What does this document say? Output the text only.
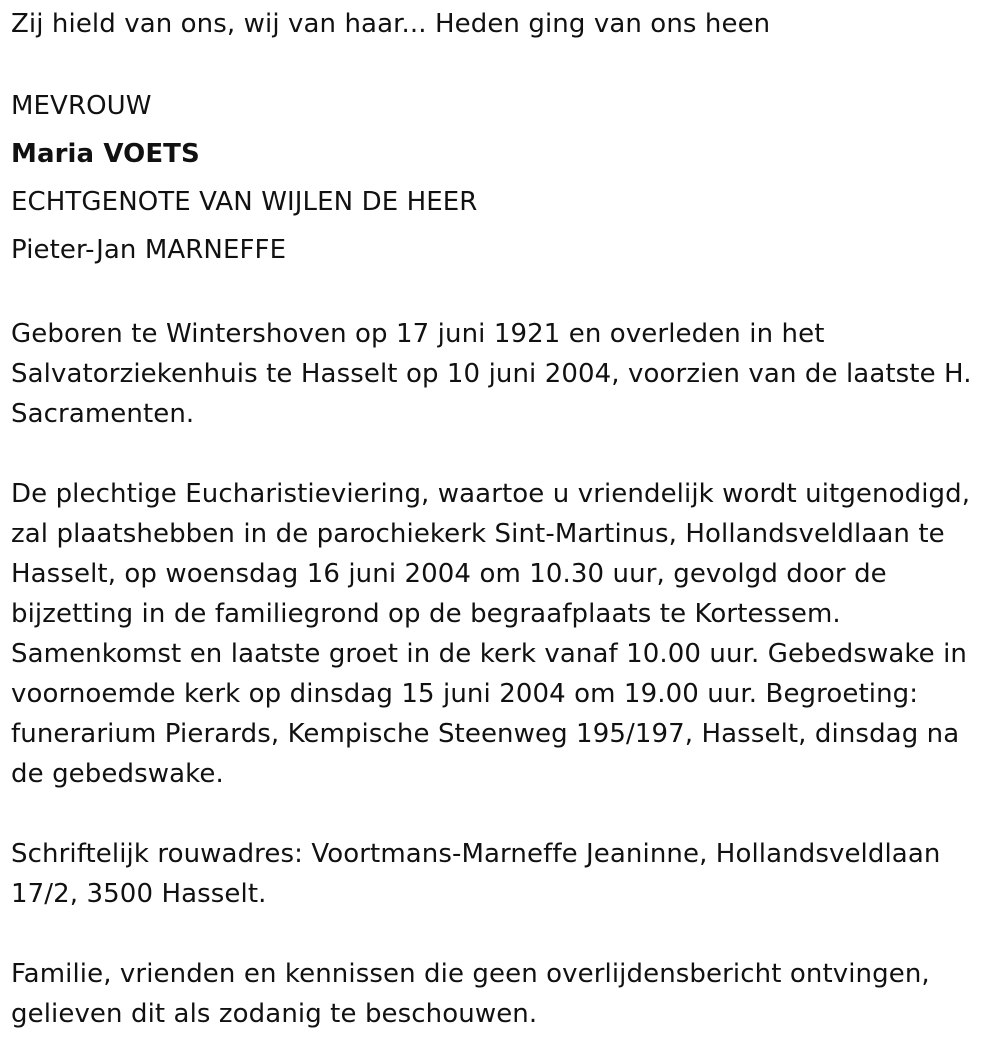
Zij hield van ons, wij van haar... Heden ging van ons heen
MEVROUW
Maria VOETS
ECHTGENOTE VAN WIJLEN DE HEER
Pieter-Jan MARNEFFE
Geboren te Wintershoven op 17 juni 1921 en overleden in het
Salvatorziekenhuis te Hasselt op 10 juni 2004, voorzien van de laatste H.
Sacramenten.
De plechtige Eucharistieviering, waartoe u vriendelijk wordt uitgenodigd,
zal plaatshebben in de parochiekerk Sint-Martinus, Hollandsveldlaan te
Hasselt, op woensdag 16 juni 2004 om 10.30 uur, gevolgd door de
bijzetting in de familiegrond op de begraafplaats te Kortessem.
Samenkomst en laatste groet in de kerk vanaf 10.00 uur. Gebedswake in
voornoemde kerk op dinsdag 15 juni 2004 om 19.00 uur. Begroeting:
funerarium Pierards, Kempische Steenweg 195/197, Hasselt, dinsdag na
de gebedswake.
Schriftelijk rouwadres: Voortmans-Marneffe Jeaninne, Hollandsveldlaan
17/2, 3500 Hasselt.
Familie, vrienden en kennissen die geen overlijdensbericht ontvingen,
gelieven dit als zodanig te beschouwen.
